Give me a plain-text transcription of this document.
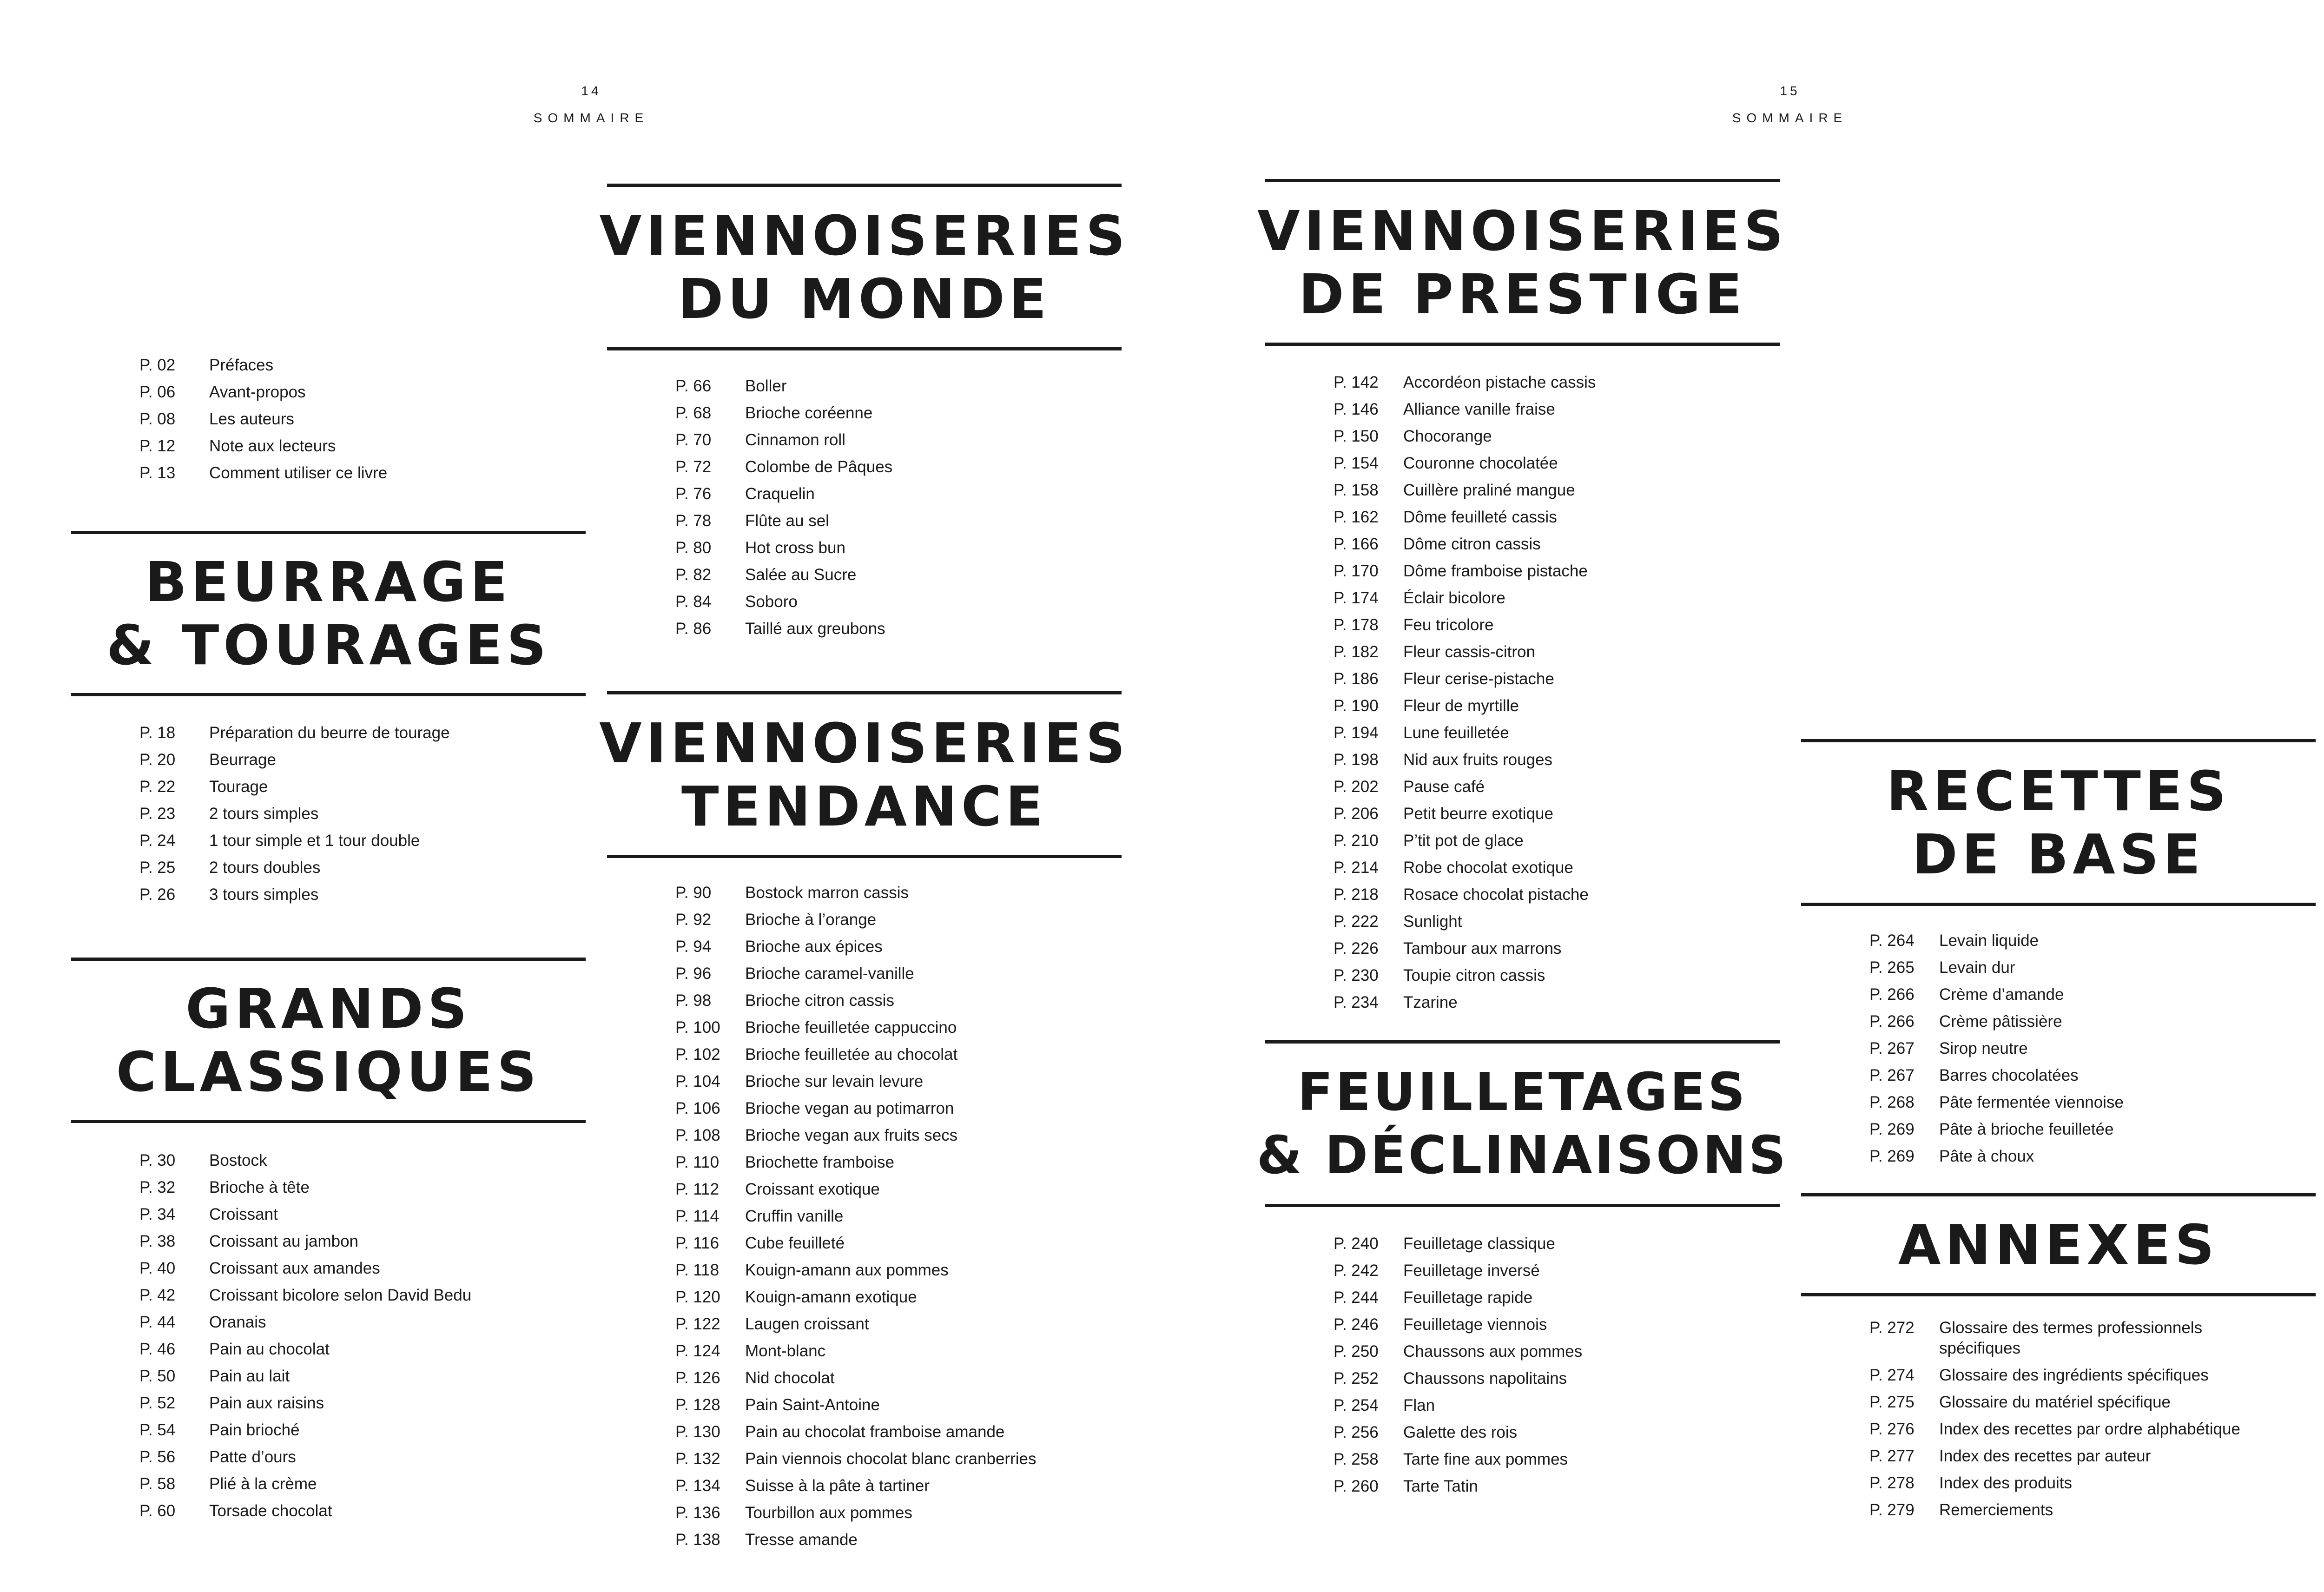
14
SOMMAIRE
P. 02	Préfaces
P. 06	Avant-propos
P. 08	Les auteurs
P. 12	Note aux lecteurs
P. 13	Comment utiliser ce livre
BEURRAGE
& TOURAGES
P. 18	Préparation du beurre de tourage
P. 20	Beurrage
P. 22	Tourage
P. 23	2 tours simples
P. 24	1 tour simple et 1 tour double
P. 25	2 tours doubles
P. 26	3 tours simples
GRANDS
CLASSIQUES
P. 30	Bostock
P. 32	Brioche à tête
P. 34	Croissant
P. 38	Croissant au jambon
P. 40	Croissant aux amandes
P. 42	Croissant bicolore selon David Bedu
P. 44	Oranais
P. 46	Pain au chocolat
P. 50	Pain au lait
P. 52	Pain aux raisins
P. 54	Pain brioché
P. 56	Patte d’ours
P. 58	Plié à la crème
P. 60	Torsade chocolat
VIENNOISERIES
DU MONDE
P. 66	Boller
P. 68	Brioche coréenne
P. 70	Cinnamon roll
P. 72	Colombe de Pâques
P. 76	Craquelin
P. 78	Flûte au sel
P. 80	Hot cross bun
P. 82	Salée au Sucre
P. 84	Soboro
P. 86	Taillé aux greubons
VIENNOISERIES
TENDANCE
P. 90	Bostock marron cassis
P. 92	Brioche à l’orange
P. 94	Brioche aux épices
P. 96	Brioche caramel-vanille
P. 98	Brioche citron cassis
P. 100	Brioche feuilletée cappuccino
P. 102	Brioche feuilletée au chocolat
P. 104	Brioche sur levain levure
P. 106	Brioche vegan au potimarron
P. 108	Brioche vegan aux fruits secs
P. 110	Briochette framboise
P. 112	Croissant exotique
P. 114	Cruffin vanille
P. 116	Cube feuilleté
P. 118	Kouign-amann aux pommes
P. 120	Kouign-amann exotique
P. 122	Laugen croissant
P. 124	Mont-blanc
P. 126	Nid chocolat
P. 128	Pain Saint-Antoine
P. 130	Pain au chocolat framboise amande
P. 132	Pain viennois chocolat blanc cranberries
P. 134	Suisse à la pâte à tartiner
P. 136	Tourbillon aux pommes
P. 138	Tresse amande
15
SOMMAIRE
VIENNOISERIES
DE PRESTIGE
P. 142	Accordéon pistache cassis
P. 146	Alliance vanille fraise
P. 150	Chocorange
P. 154	Couronne chocolatée
P. 158	Cuillère praliné mangue
P. 162	Dôme feuilleté cassis
P. 166	Dôme citron cassis
P. 170	Dôme framboise pistache
P. 174	Éclair bicolore
P. 178	Feu tricolore
P. 182	Fleur cassis-citron
P. 186	Fleur cerise-pistache
P. 190	Fleur de myrtille
P. 194	Lune feuilletée
P. 198	Nid aux fruits rouges
P. 202	Pause café
P. 206	Petit beurre exotique
P. 210	P’tit pot de glace
P. 214	Robe chocolat exotique
P. 218	Rosace chocolat pistache
P. 222	Sunlight
P. 226	Tambour aux marrons
P. 230	Toupie citron cassis
P. 234	Tzarine
FEUILLETAGES
& DÉCLINAISONS
P. 240	Feuilletage classique
P. 242	Feuilletage inversé
P. 244	Feuilletage rapide
P. 246	Feuilletage viennois
P. 250	Chaussons aux pommes
P. 252	Chaussons napolitains
P. 254	Flan
P. 256	Galette des rois
P. 258	Tarte fine aux pommes
P. 260	Tarte Tatin
RECETTES
DE BASE
P. 264	Levain liquide
P. 265	Levain dur
P. 266	Crème d’amande
P. 266	Crème pâtissière
P. 267	Sirop neutre
P. 267	Barres chocolatées
P. 268	Pâte fermentée viennoise
P. 269	Pâte à brioche feuilletée
P. 269	Pâte à choux
ANNEXES
P. 272	Glossaire des termes professionnels spécifiques
P. 274	Glossaire des ingrédients spécifiques
P. 275	Glossaire du matériel spécifique
P. 276	Index des recettes par ordre alphabétique
P. 277	Index des recettes par auteur
P. 278	Index des produits
P. 279	Remerciements
